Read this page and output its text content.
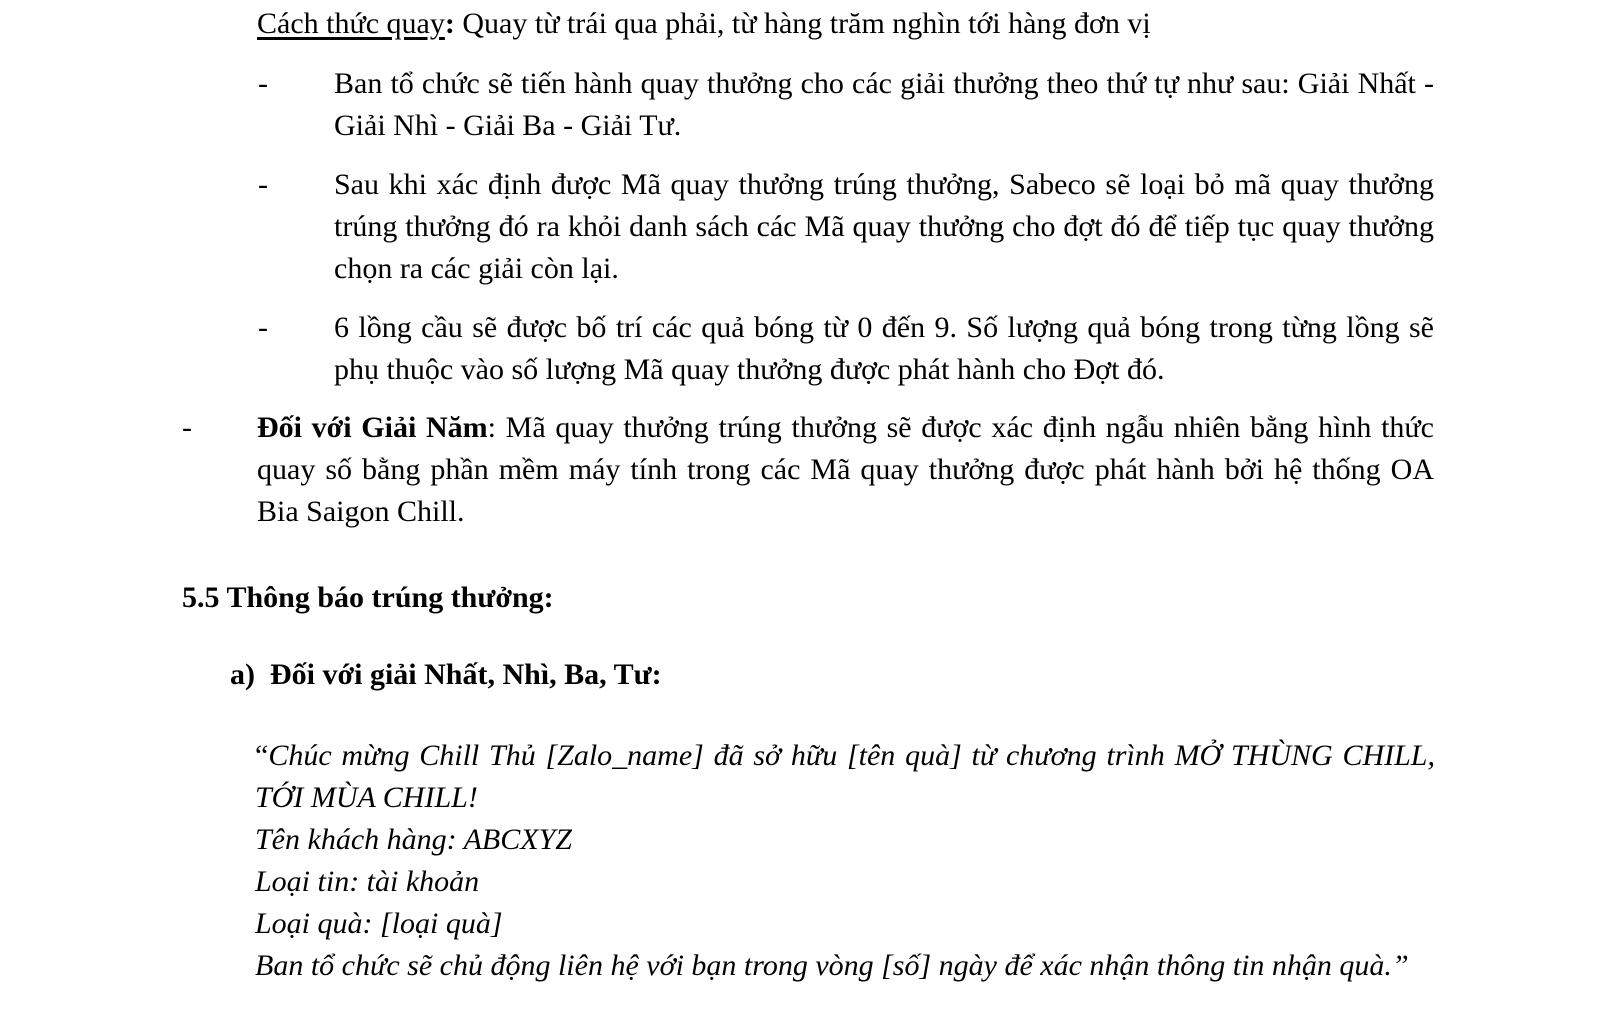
Cách thức quay: Quay từ trái qua phải, từ hàng trăm nghìn tới hàng đơn vị
- Ban tổ chức sẽ tiến hành quay thưởng cho các giải thưởng theo thứ tự như sau: Giải Nhất - Giải Nhì - Giải Ba - Giải Tư.
- Sau khi xác định được Mã quay thưởng trúng thưởng, Sabeco sẽ loại bỏ mã quay thưởng trúng thưởng đó ra khỏi danh sách các Mã quay thưởng cho đợt đó để tiếp tục quay thưởng chọn ra các giải còn lại.
- 6 lồng cầu sẽ được bố trí các quả bóng từ 0 đến 9. Số lượng quả bóng trong từng lồng sẽ phụ thuộc vào số lượng Mã quay thưởng được phát hành cho Đợt đó.
- Đối với Giải Năm: Mã quay thưởng trúng thưởng sẽ được xác định ngẫu nhiên bằng hình thức quay số bằng phần mềm máy tính trong các Mã quay thưởng được phát hành bởi hệ thống OA Bia Saigon Chill.
5.5 Thông báo trúng thưởng:
a) Đối với giải Nhất, Nhì, Ba, Tư:
“Chúc mừng Chill Thủ [Zalo_name] đã sở hữu [tên quà] từ chương trình MỞ THÙNG CHILL, TỚI MÙA CHILL!
Tên khách hàng: ABCXYZ
Loại tin: tài khoản
Loại quà: [loại quà]
Ban tổ chức sẽ chủ động liên hệ với bạn trong vòng [số] ngày để xác nhận thông tin nhận quà.”
